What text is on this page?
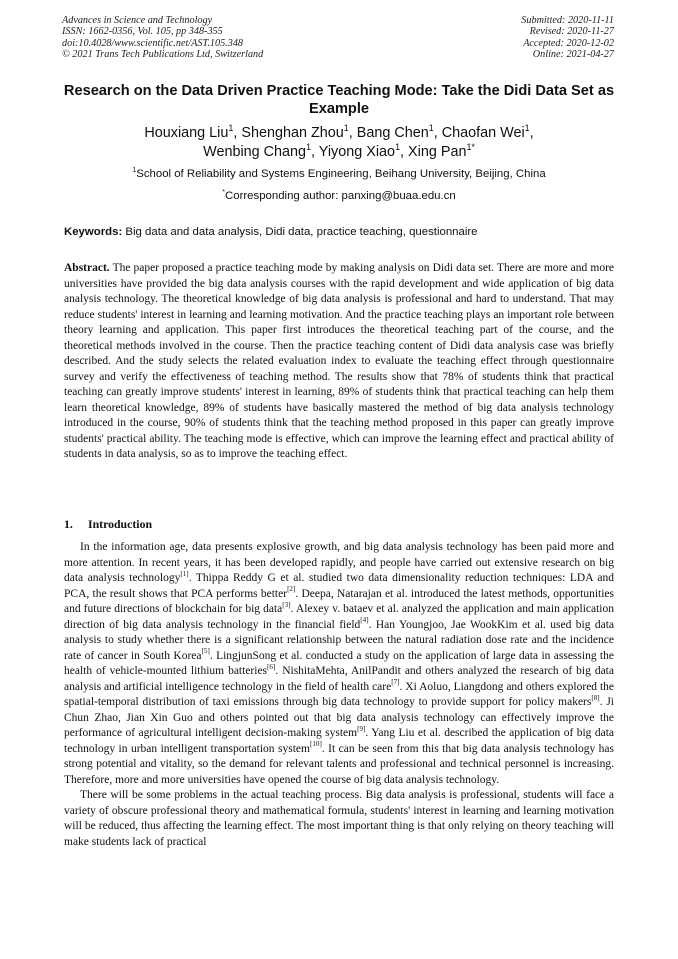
Advances in Science and Technology
ISSN: 1662-0356, Vol. 105, pp 348-355
doi:10.4028/www.scientific.net/AST.105.348
© 2021 Trans Tech Publications Ltd, Switzerland
Submitted: 2020-11-11
Revised: 2020-11-27
Accepted: 2020-12-02
Online: 2021-04-27
Research on the Data Driven Practice Teaching Mode: Take the Didi Data Set as Example
Houxiang Liu$^1$, Shenghan Zhou$^1$, Bang Chen$^1$, Chaofan Wei$^1$,
Wenbing Chang$^1$, Yiyong Xiao$^1$, Xing Pan$^{1*}$
$^1$School of Reliability and Systems Engineering, Beihang University, Beijing, China
*Corresponding author: panxing@buaa.edu.cn
Keywords: Big data and data analysis, Didi data, practice teaching, questionnaire
Abstract. The paper proposed a practice teaching mode by making analysis on Didi data set. There are more and more universities have provided the big data analysis courses with the rapid development and wide application of big data analysis technology. The theoretical knowledge of big data analysis is professional and hard to understand. That may reduce students' interest in learning and learning motivation. And the practice teaching plays an important role between theory learning and application. This paper first introduces the theoretical teaching part of the course, and the theoretical methods involved in the course. Then the practice teaching content of Didi data analysis case was briefly described. And the study selects the related evaluation index to evaluate the teaching effect through questionnaire survey and verify the effectiveness of teaching method. The results show that 78% of students think that practical teaching can greatly improve students' interest in learning, 89% of students think that practical teaching can help them learn theoretical knowledge, 89% of students have basically mastered the method of big data analysis technology introduced in the course, 90% of students think that the teaching method proposed in this paper can greatly improve students' practical ability. The teaching mode is effective, which can improve the learning effect and practical ability of students in data analysis, so as to improve the teaching effect.
1. Introduction

In the information age, data presents explosive growth, and big data analysis technology has been paid more and more attention. In recent years, it has been developed rapidly, and people have carried out extensive research on big data analysis technology[1]. Thippa Reddy G et al. studied two data dimensionality reduction techniques: LDA and PCA, the result shows that PCA performs better[2]. Deepa, Natarajan et al. introduced the latest methods, opportunities and future directions of blockchain for big data[3]. Alexey v. bataev et al. analyzed the application and main application direction of big data analysis technology in the financial field[4]. Han Youngjoo, Jae WookKim et al. used big data analysis to study whether there is a significant relationship between the natural radiation dose rate and the incidence rate of cancer in South Korea[5]. LingjunSong et al. conducted a study on the application of large data in assessing the health of vehicle-mounted lithium batteries[6]. NishitaMehta, AnilPandit and others analyzed the research of big data analysis and artificial intelligence technology in the field of health care[7]. Xi Aoluo, Liangdong and others explored the spatial-temporal distribution of taxi emissions through big data technology to provide support for policy makers[8]. Ji Chun Zhao, Jian Xin Guo and others pointed out that big data analysis technology can effectively improve the performance of agricultural intelligent decision-making system[9]. Yang Liu et al. described the application of big data technology in urban intelligent transportation system[10]. It can be seen from this that big data analysis technology has strong potential and vitality, so the demand for relevant talents and professional and technical personnel is increasing. Therefore, more and more universities have opened the course of big data analysis technology.

There will be some problems in the actual teaching process. Big data analysis is professional, students will face a variety of obscure professional theory and mathematical formula, students' interest in learning and learning motivation will be reduced, thus affecting the learning effect. The most important thing is that only relying on theory teaching will make students lack of practical
